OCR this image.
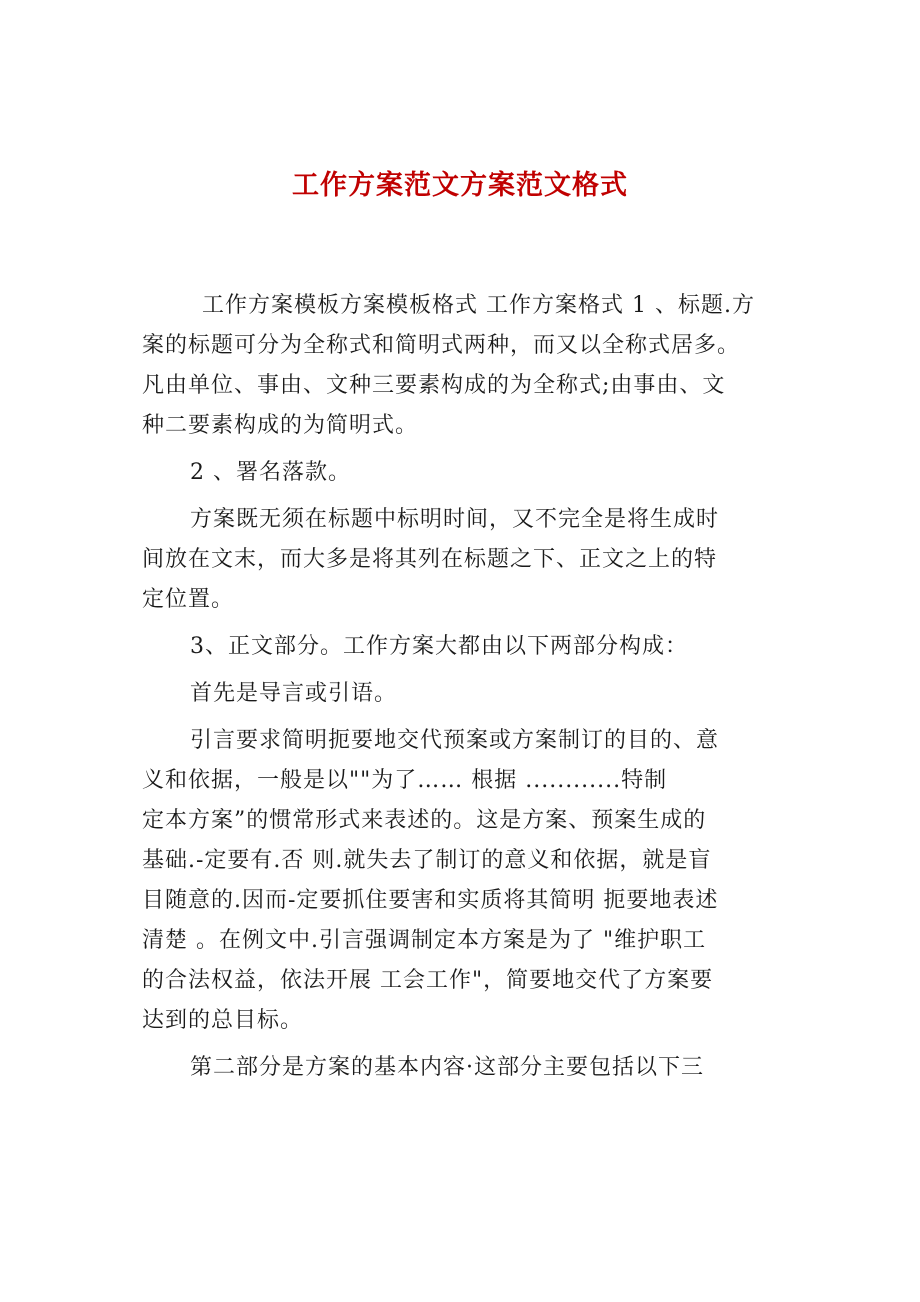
工作方案范文方案范文格式

工作方案模板方案模板格式 工作方案格式 1 、标题.方
案的标题可分为全称式和简明式两种，而又以全称式居多。
凡由单位、事由、文种三要素构成的为全称式;由事由、文
种二要素构成的为简明式。

2 、署名落款。

方案既无须在标题中标明时间，又不完全是将生成时
间放在文末，而大多是将其列在标题之下、正文之上的特
定位置。

3、正文部分。工作方案大都由以下两部分构成：

首先是导言或引语。

引言要求简明扼要地交代预案或方案制订的目的、意
义和依据，一般是以""为了…… 根据 ............特制
定本方案”的惯常形式来表述的。这是方案、预案生成的
基础.-定要有.否 则.就失去了制订的意义和依据，就是盲
目随意的.因而-定要抓住要害和实质将其简明 扼要地表述
清楚 。在例文中.引言强调制定本方案是为了 "维护职工
的合法权益，依法开展 工会工作"，简要地交代了方案要
达到的总目标。

第二部分是方案的基本内容·这部分主要包括以下三
